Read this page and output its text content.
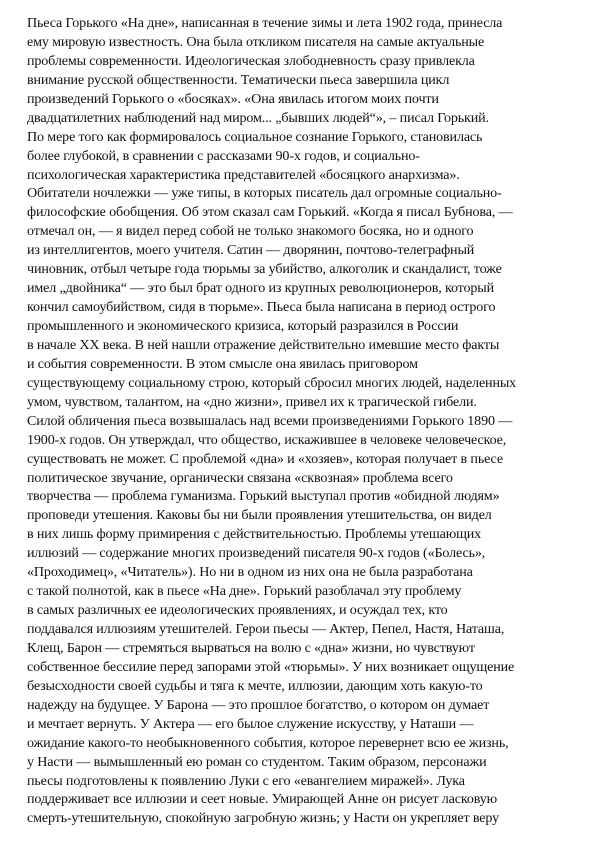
Пьеса Горького «На дне», написанная в течение зимы и лета 1902 года, принесла
ему мировую известность. Она была откликом писателя на самые актуальные
проблемы современности. Идеологическая злободневность сразу привлекла
внимание русской общественности. Тематически пьеса завершила цикл
произведений Горького о «босяках». «Она явилась итогом моих почти
двадцатилетних наблюдений над миром... „бывших людей“», – писал Горький.
По мере того как формировалось социальное сознание Горького, становилась
более глубокой, в сравнении с рассказами 90-х годов, и социально-
психологическая характеристика представителей «босяцкого анархизма».
Обитатели ночлежки — уже типы, в которых писатель дал огромные социально-
философские обобщения. Об этом сказал сам Горький. «Когда я писал Бубнова, —
отмечал он, — я видел перед собой не только знакомого босяка, но и одного
из интеллигентов, моего учителя. Сатин — дворянин, почтово-телеграфный
чиновник, отбыл четыре года тюрьмы за убийство, алкоголик и скандалист, тоже
имел „двойника“ — это был брат одного из крупных революционеров, который
кончил самоубийством, сидя в тюрьме». Пьеса была написана в период острого
промышленного и экономического кризиса, который разразился в России
в начале XX века. В ней нашли отражение действительно имевшие место факты
и события современности. В этом смысле она явилась приговором
существующему социальному строю, который сбросил многих людей, наделенных
умом, чувством, талантом, на «дно жизни», привел их к трагической гибели.
Силой обличения пьеса возвышалась над всеми произведениями Горького 1890 —
1900-х годов. Он утверждал, что общество, искажившее в человеке человеческое,
существовать не может. С проблемой «дна» и «хозяев», которая получает в пьесе
политическое звучание, органически связана «сквозная» проблема всего
творчества — проблема гуманизма. Горький выступал против «обидной людям»
проповеди утешения. Каковы бы ни были проявления утешительства, он видел
в них лишь форму примирения с действительностью. Проблемы утешающих
иллюзий — содержание многих произведений писателя 90-х годов («Болесь»,
«Проходимец», «Читатель»). Но ни в одном из них она не была разработана
с такой полнотой, как в пьесе «На дне». Горький разоблачал эту проблему
в самых различных ее идеологических проявлениях, и осуждал тех, кто
поддавался иллюзиям утешителей. Герои пьесы — Актер, Пепел, Настя, Наташа,
Клещ, Барон — стремяться вырваться на волю с «дна» жизни, но чувствуют
собственное бессилие перед запорами этой «тюрьмы». У них возникает ощущение
безысходности своей судьбы и тяга к мечте, иллюзии, дающим хоть какую-то
надежду на будущее. У Барона — это прошлое богатство, о котором он думает
и мечтает вернуть. У Актера — его былое служение искусству, у Наташи —
ожидание какого-то необыкновенного события, которое перевернет всю ее жизнь,
у Насти — вымышленный ею роман со студентом. Таким образом, персонажи
пьесы подготовлены к появлению Луки с его «евангелием миражей». Лука
поддерживает все иллюзии и сеет новые. Умирающей Анне он рисует ласковую
смерть-утешительную, спокойную загробную жизнь; у Насти он укрепляет веру
